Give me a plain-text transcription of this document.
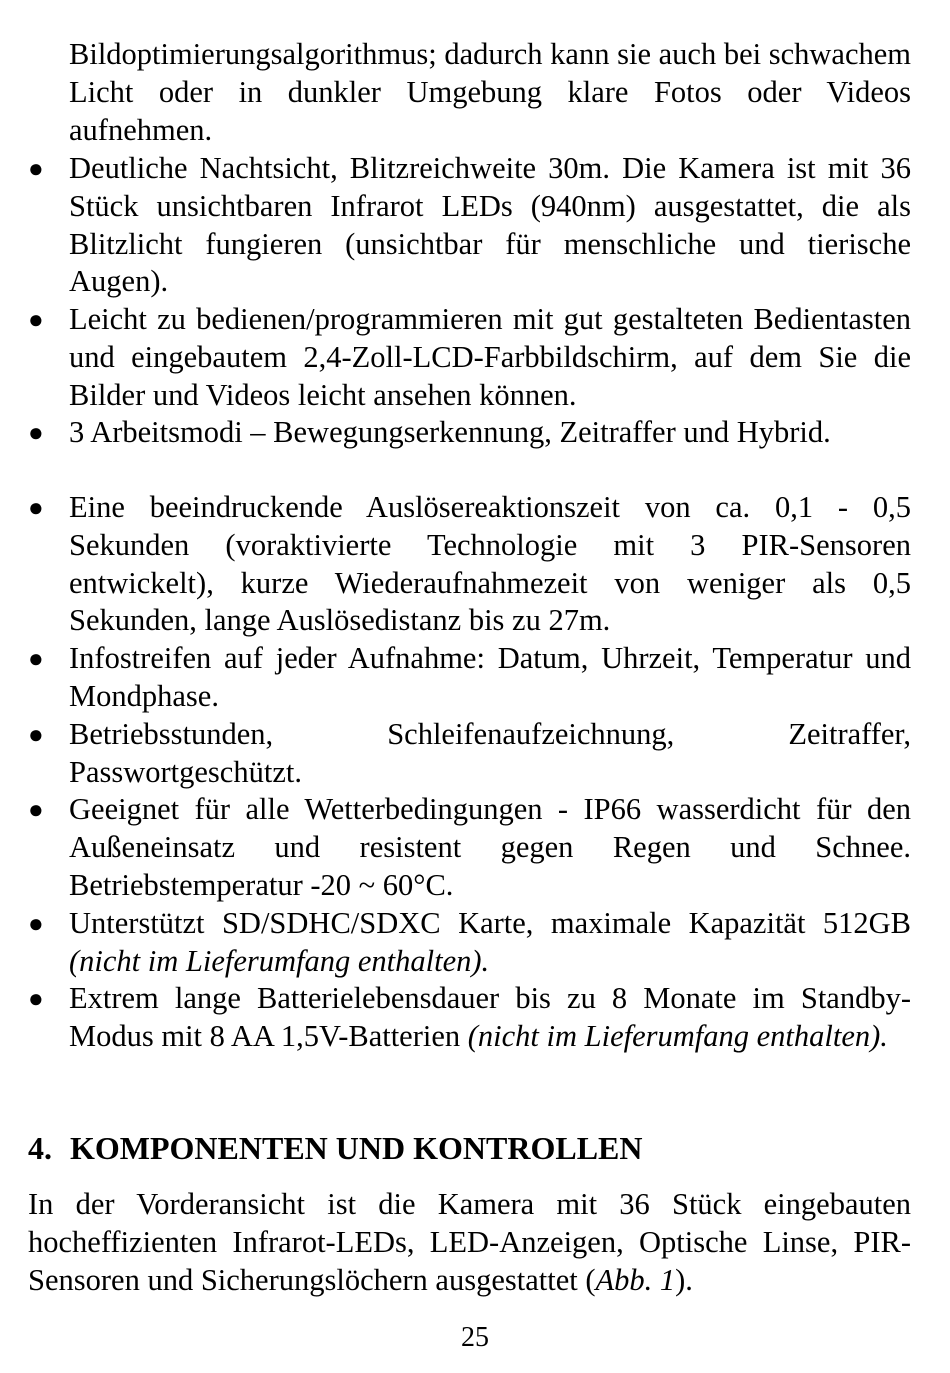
Bildoptimierungsalgorithmus; dadurch kann sie auch bei schwachem Licht oder in dunkler Umgebung klare Fotos oder Videos aufnehmen.
● Deutliche Nachtsicht, Blitzreichweite 30m. Die Kamera ist mit 36 Stück unsichtbaren Infrarot LEDs (940nm) ausgestattet, die als Blitzlicht fungieren (unsichtbar für menschliche und tierische Augen).
● Leicht zu bedienen/programmieren mit gut gestalteten Bedientasten und eingebautem 2,4-Zoll-LCD-Farbbildschirm, auf dem Sie die Bilder und Videos leicht ansehen können.
● 3 Arbeitsmodi – Bewegungserkennung, Zeitraffer und Hybrid.
● Eine beeindruckende Auslösereaktionszeit von ca. 0,1 - 0,5 Sekunden (voraktivierte Technologie mit 3 PIR-Sensoren entwickelt), kurze Wiederaufnahmezeit von weniger als 0,5 Sekunden, lange Auslösedistanz bis zu 27m.
● Infostreifen auf jeder Aufnahme: Datum, Uhrzeit, Temperatur und Mondphase.
● Betriebsstunden, Schleifenaufzeichnung, Zeitraffer, Passwortgeschützt.
● Geeignet für alle Wetterbedingungen - IP66 wasserdicht für den Außeneinsatz und resistent gegen Regen und Schnee. Betriebstemperatur -20 ~ 60°C.
● Unterstützt SD/SDHC/SDXC Karte, maximale Kapazität 512GB (nicht im Lieferumfang enthalten).
● Extrem lange Batterielebensdauer bis zu 8 Monate im Standby-Modus mit 8 AA 1,5V-Batterien (nicht im Lieferumfang enthalten).
4. KOMPONENTEN UND KONTROLLEN
In der Vorderansicht ist die Kamera mit 36 Stück eingebauten hocheffizienten Infrarot-LEDs, LED-Anzeigen, Optische Linse, PIR-Sensoren und Sicherungslöchern ausgestattet (Abb. 1).
25
